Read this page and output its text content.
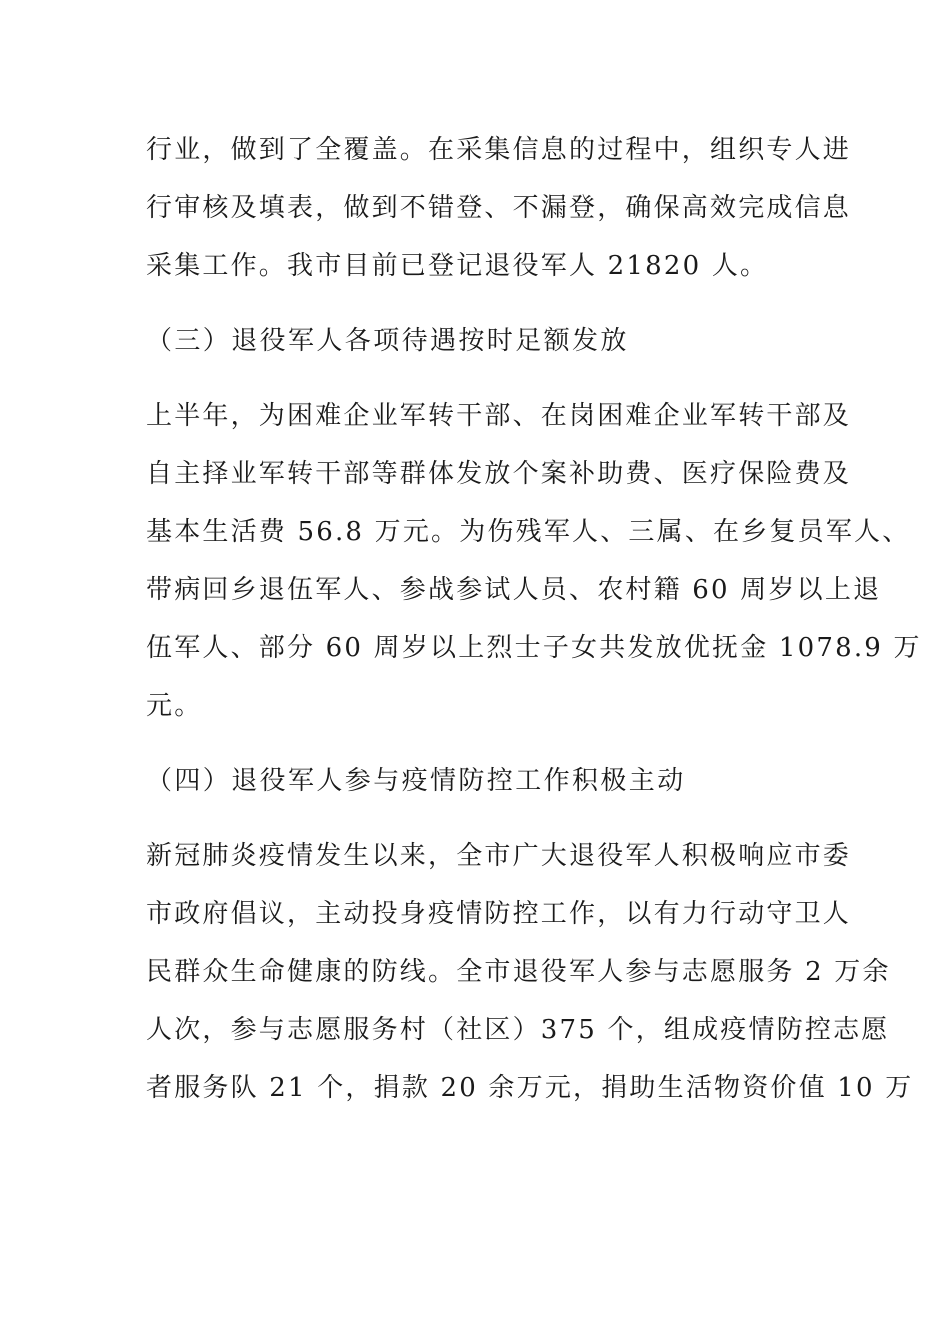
行业，做到了全覆盖。在采集信息的过程中，组织专人进
行审核及填表，做到不错登、不漏登，确保高效完成信息
采集工作。我市目前已登记退役军人 21820 人。
（三）退役军人各项待遇按时足额发放
上半年，为困难企业军转干部、在岗困难企业军转干部及
自主择业军转干部等群体发放个案补助费、医疗保险费及
基本生活费 56.8 万元。为伤残军人、三属、在乡复员军人、
带病回乡退伍军人、参战参试人员、农村籍 60 周岁以上退
伍军人、部分 60 周岁以上烈士子女共发放优抚金 1078.9 万
元。
（四）退役军人参与疫情防控工作积极主动
新冠肺炎疫情发生以来，全市广大退役军人积极响应市委
市政府倡议，主动投身疫情防控工作，以有力行动守卫人
民群众生命健康的防线。全市退役军人参与志愿服务 2 万余
人次，参与志愿服务村（社区）375 个，组成疫情防控志愿
者服务队 21 个，捐款 20 余万元，捐助生活物资价值 10 万
